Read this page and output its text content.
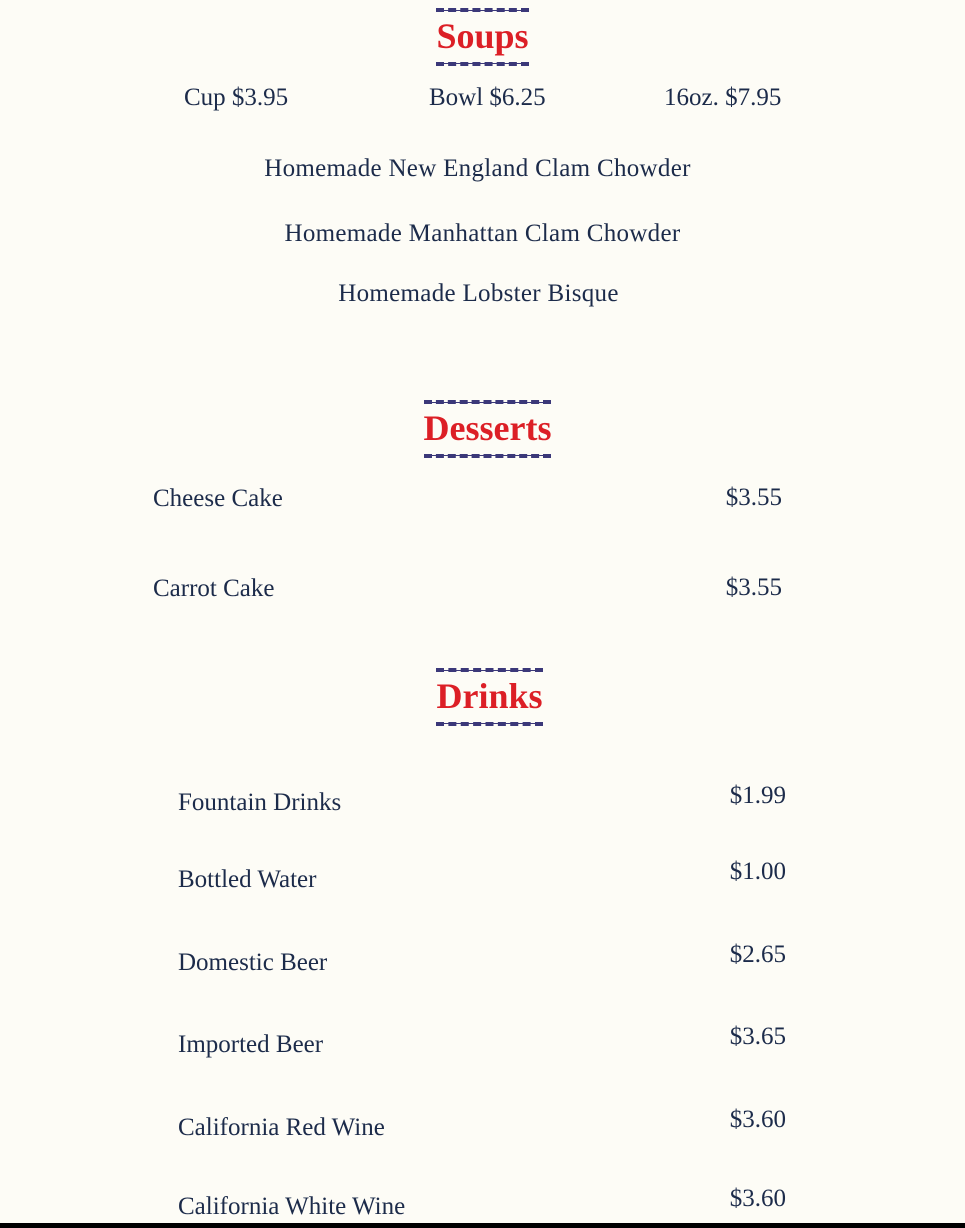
Soups
Cup $3.95	Bowl $6.25	16oz. $7.95
Homemade New England Clam Chowder
Homemade Manhattan Clam Chowder
Homemade Lobster Bisque
Desserts
Cheese Cake	$3.55
Carrot Cake	$3.55
Drinks
Fountain Drinks	$1.99
Bottled Water	$1.00
Domestic Beer	$2.65
Imported Beer	$3.65
California Red Wine	$3.60
California White Wine	$3.60
